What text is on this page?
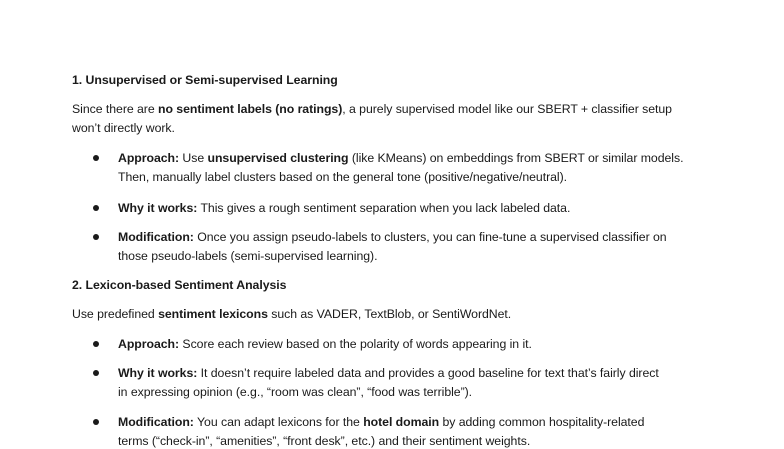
1. Unsupervised or Semi-supervised Learning
Since there are no sentiment labels (no ratings), a purely supervised model like our SBERT + classifier setup
won’t directly work.
Approach: Use unsupervised clustering (like KMeans) on embeddings from SBERT or similar models.
Then, manually label clusters based on the general tone (positive/negative/neutral).
Why it works: This gives a rough sentiment separation when you lack labeled data.
Modification: Once you assign pseudo-labels to clusters, you can fine-tune a supervised classifier on
those pseudo-labels (semi-supervised learning).
2. Lexicon-based Sentiment Analysis
Use predefined sentiment lexicons such as VADER, TextBlob, or SentiWordNet.
Approach: Score each review based on the polarity of words appearing in it.
Why it works: It doesn’t require labeled data and provides a good baseline for text that’s fairly direct
in expressing opinion (e.g., “room was clean”, “food was terrible”).
Modification: You can adapt lexicons for the hotel domain by adding common hospitality-related
terms (“check-in”, “amenities”, “front desk”, etc.) and their sentiment weights.
